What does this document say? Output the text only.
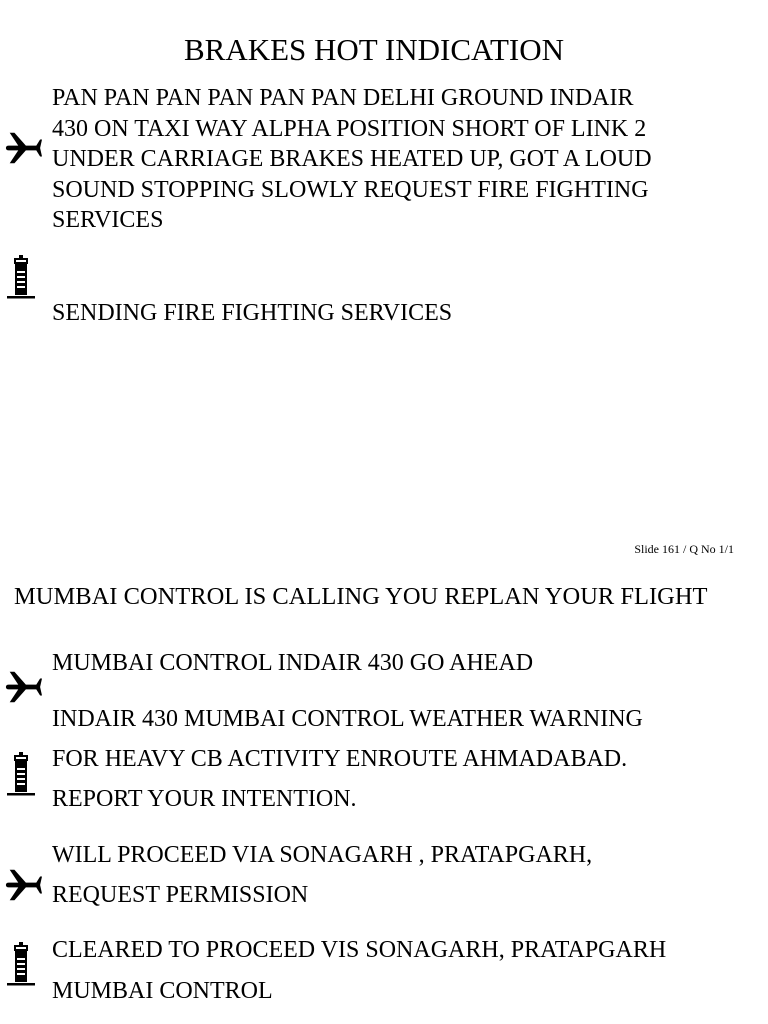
BRAKES HOT INDICATION
PAN PAN PAN PAN PAN PAN DELHI GROUND INDAIR
430 ON TAXI WAY ALPHA POSITION SHORT OF LINK 2
UNDER CARRIAGE BRAKES HEATED UP, GOT A LOUD
SOUND STOPPING SLOWLY REQUEST FIRE FIGHTING
SERVICES
SENDING FIRE FIGHTING SERVICES
Slide 161 / Q No 1/1
MUMBAI CONTROL IS CALLING YOU REPLAN YOUR FLIGHT
MUMBAI CONTROL INDAIR 430 GO AHEAD
INDAIR 430 MUMBAI CONTROL WEATHER WARNING
FOR HEAVY CB ACTIVITY ENROUTE AHMADABAD.
REPORT YOUR INTENTION.
WILL PROCEED VIA SONAGARH , PRATAPGARH,
REQUEST PERMISSION
CLEARED TO PROCEED VIS SONAGARH, PRATAPGARH
MUMBAI CONTROL
